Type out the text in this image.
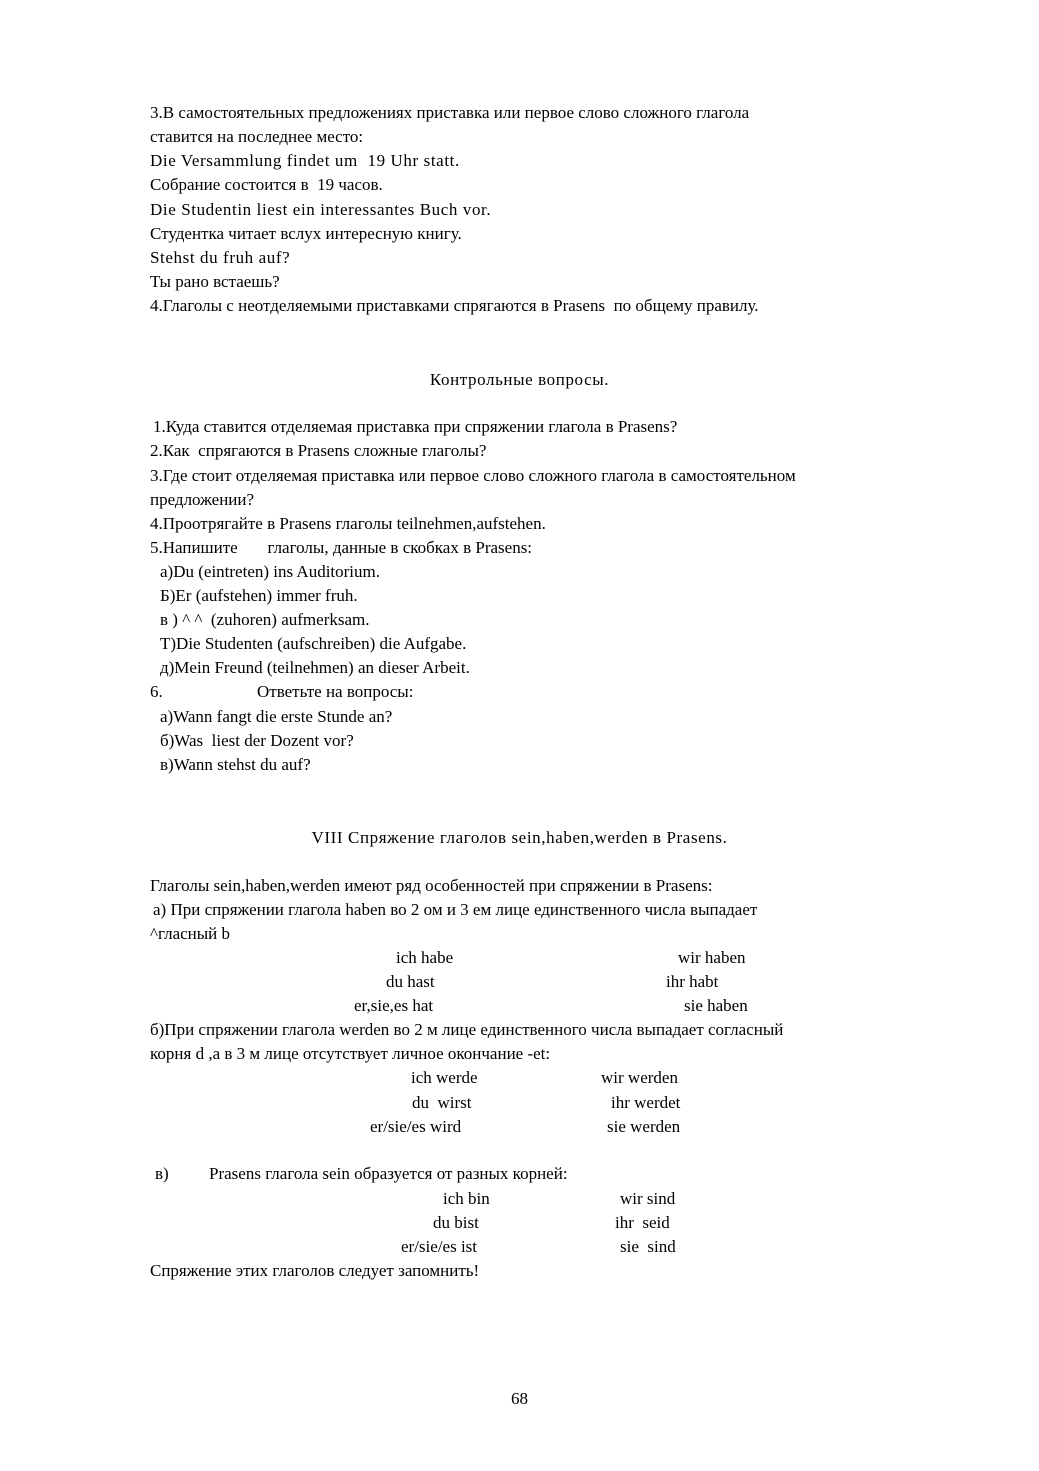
3.В самостоятельных предложениях приставка или первое слово сложного глагола
ставится на последнее место:
Die Versammlung findet um  19 Uhr statt.
Собрание состоится в  19 часов.
Die Studentin liest ein interessantes Buch vor.
Студентка читает вслух интересную книгу.
Stehst du fruh auf?
Ты рано встаешь?
4.Глаголы с неотделяемыми приставками спрягаются в Prasens  по общему правилу.
Контрольные вопросы.
1.Куда ставится отделяемая приставка при спряжении глагола в Prasens?
2.Как  спрягаются в Prasens сложные глаголы?
3.Где стоит отделяемая приставка или первое слово сложного глагола в самостоятельном
предложении?
4.Проотрягайте в Prasens глаголы teilnehmen,aufstehen.
5.Напишите       глаголы, данные в скобках в Prasens:
а)Du (eintreten) ins Auditorium.
Б)Er (aufstehen) immer fruh.
в ) ^ ^  (zuhoren) aufmerksam.
Т)Die Studenten (aufschreiben) die Aufgabe.
д)Mein Freund (teilnehmen) an dieser Arbeit.
6.	Ответьте на вопросы:
а)Wann fangt die erste Stunde an?
б)Was  liest der Dozent vor?
в)Wann stehst du auf?
VIII Спряжение глаголов sein,haben,werden в Prasens.
Глаголы sein,haben,werden имеют ряд особенностей при спряжении в Prasens:
а) При спряжении глагола haben во 2 ом и 3 ем лице единственного числа выпадает
^гласный b
ich habe
du hast
er,sie,es hat
wir haben
ihr habt
sie haben
б)При спряжении глагола werden во 2 м лице единственного числа выпадает согласный
корня d ,а в 3 м лице отсутствует личное окончание -et:
ich werde
du  wirst
er/sie/es wird
wir werden
ihr werdet
sie werden
в) Prasens глагола sein образуется от разных корней:
ich bin
du bist
er/sie/es ist
wir sind
ihr  seid
sie  sind
Спряжение этих глаголов следует запомнить!
68
